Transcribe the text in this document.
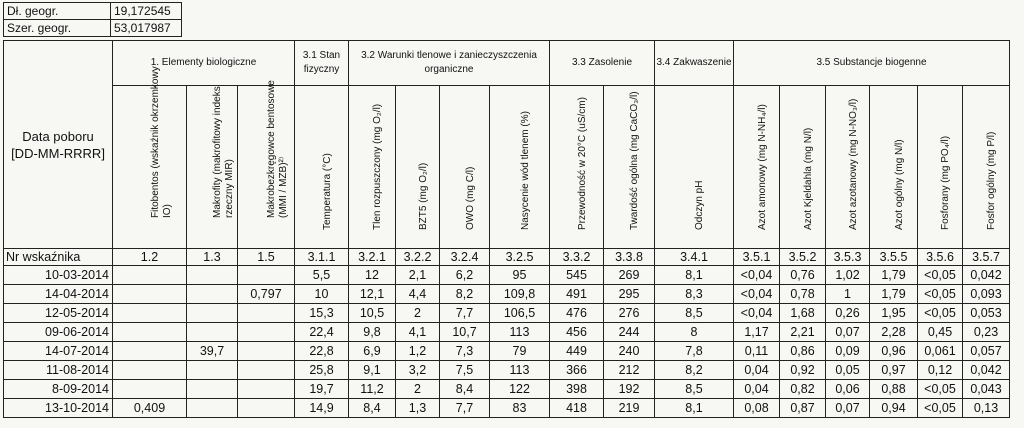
Dł. geogr.	19,172545
Szer. geogr.	53,017987
Data poboru
[DD-MM-RRRR]	1. Elementy biologiczne			3.1 Stan fizyczny	3.2 Warunki tlenowe i zanieczyszczenia organiczne				3.3 Zasolenie		3.4 Zakwaszenie	3.5 Substancje biogenne					

	Fitobentos (wskaźnik okrzemkowy IO)	Makrofity (makrofitowy indeks rzeczny MIR)	Makrobezkręgowce bentosowe (MMI / MZB)²⁾	Temperatura (°C)	Tlen rozpuszczony (mg O₂/l)	BZT5 (mg O₂/l)	OWO (mg C/l)	Nasycenie wód tlenem (%)	Przewodność w 20°C (uS/cm)	Twardość ogólna (mg CaCO₃/l)	Odczyn pH	Azot amonowy (mg N-NH₄/l)	Azot Kjeldahla (mg N/l)	Azot azotanowy (mg N-NO₃/l)	Azot ogólny (mg N/l)	Fosforany (mg PO₄/l)	Fosfor ogólny (mg P/l)

Nr wskaźnika	1.2	1.3	1.5	3.1.1	3.2.1	3.2.2	3.2.4	3.2.5	3.3.2	3.3.8	3.4.1	3.5.1	3.5.2	3.5.3	3.5.5	3.5.6	3.5.7
10-03-2014				5,5	12	2,1	6,2	95	545	269	8,1	<0,04	0,76	1,02	1,79	<0,05	0,042
14-04-2014			0,797	10	12,1	4,4	8,2	109,8	491	295	8,3	<0,04	0,78	1	1,79	<0,05	0,093
12-05-2014				15,3	10,5	2	7,7	106,5	476	276	8,5	<0,04	1,68	0,26	1,95	<0,05	0,053
09-06-2014				22,4	9,8	4,1	10,7	113	456	244	8	1,17	2,21	0,07	2,28	0,45	0,23
14-07-2014		39,7		22,8	6,9	1,2	7,3	79	449	240	7,8	0,11	0,86	0,09	0,96	0,061	0,057
11-08-2014				25,8	9,1	3,2	7,5	113	366	212	8,2	0,04	0,92	0,05	0,97	0,12	0,042
8-09-2014				19,7	11,2	2	8,4	122	398	192	8,5	0,04	0,82	0,06	0,88	<0,05	0,043
13-10-2014	0,409			14,9	8,4	1,3	7,7	83	418	219	8,1	0,08	0,87	0,07	0,94	<0,05	0,13
